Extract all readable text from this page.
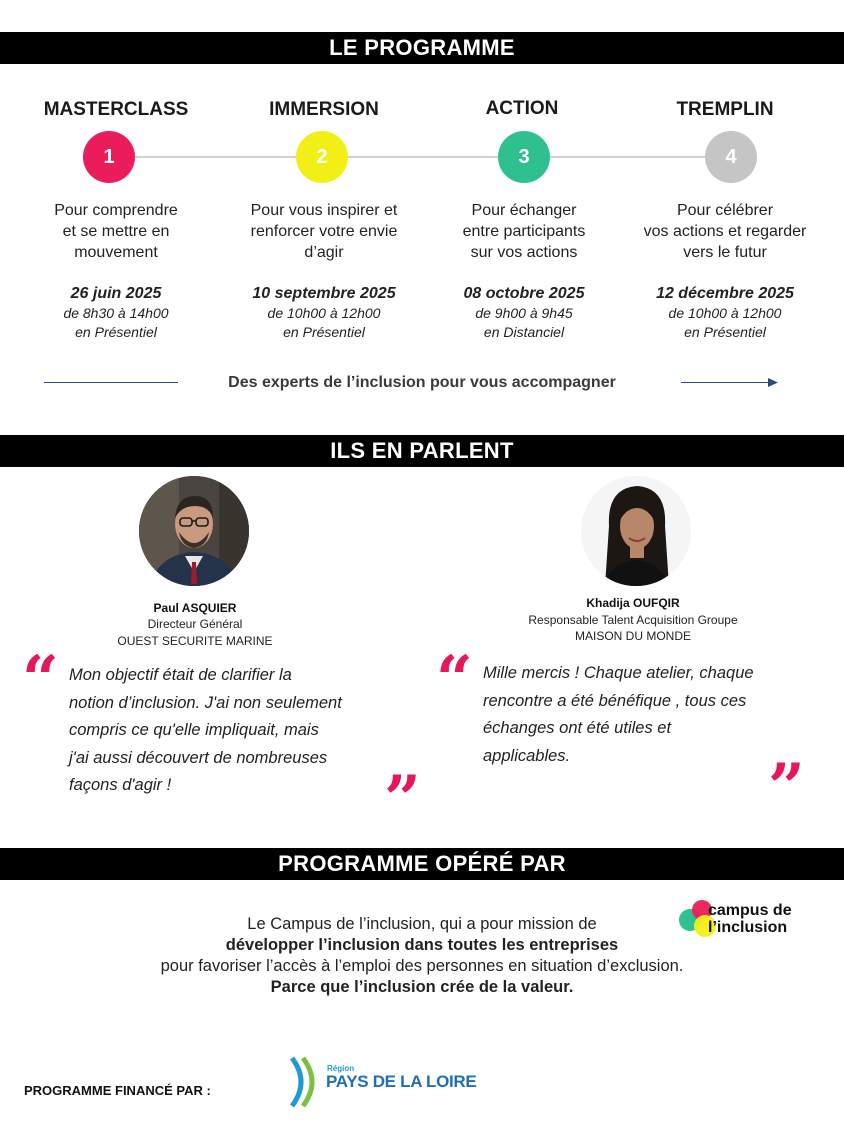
LE PROGRAMME
MASTERCLASS
1
Pour comprendre
et se mettre en
mouvement
26 juin 2025
de 8h30 à 14h00
en Présentiel
IMMERSION
2
Pour vous inspirer et
renforcer votre envie
d’agir
10 septembre 2025
de 10h00 à 12h00
en Présentiel
ACTION
3
Pour échanger
entre participants
sur vos actions
08 octobre 2025
de 9h00 à 9h45
en Distanciel
TREMPLIN
4
Pour célébrer
vos actions et regarder
vers le futur
12 décembre 2025
de 10h00 à 12h00
en Présentiel
Des experts de l’inclusion pour vous accompagner
ILS EN PARLENT
Paul ASQUIER
Directeur Général
OUEST SECURITE MARINE
Khadija OUFQIR
Responsable Talent Acquisition Groupe
MAISON DU MONDE
“ Mon objectif était de clarifier la
notion d’inclusion. J'ai non seulement
compris ce qu'elle impliquait, mais
j'ai aussi découvert de nombreuses
façons d'agir !	”
“ Mille mercis ! Chaque atelier, chaque
rencontre a été bénéfique , tous ces
échanges ont été utiles et
applicables.	”
PROGRAMME OPÉRÉ PAR
Le Campus de l’inclusion, qui a pour mission de
développer l’inclusion dans toutes les entreprises
pour favoriser l’accès à l’emploi des personnes en situation d’exclusion.
Parce que l’inclusion crée de la valeur.
campus de
l’inclusion
PROGRAMME FINANCÉ PAR :
Région
PAYS DE LA LOIRE
